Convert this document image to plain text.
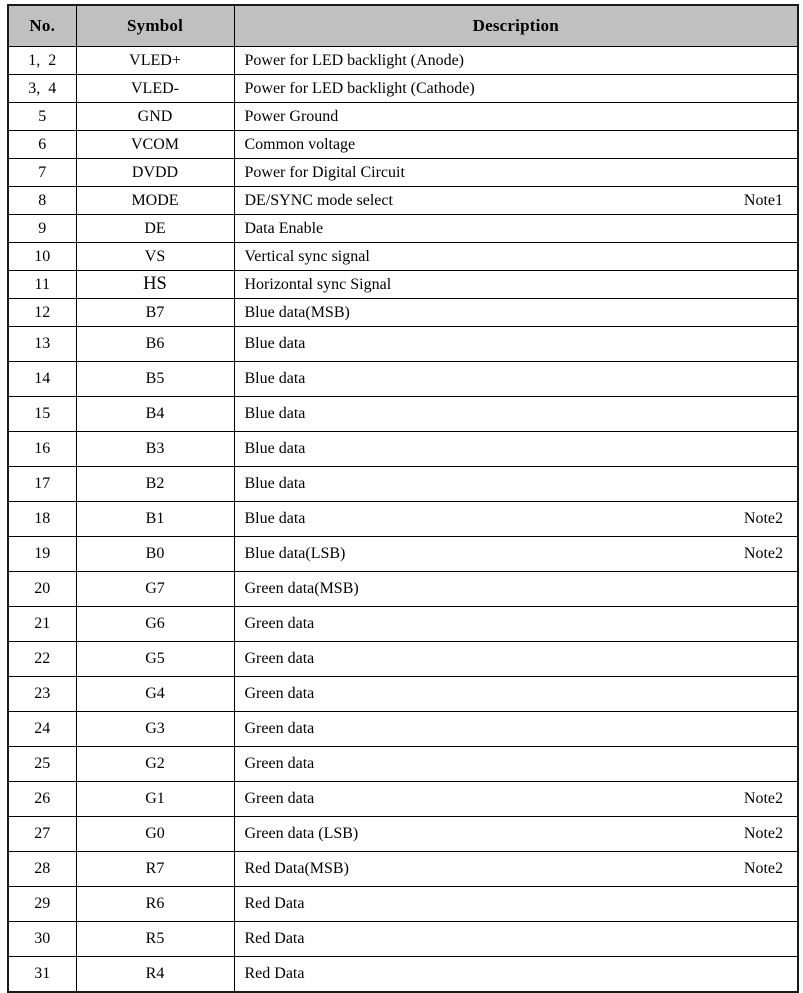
No.	Symbol	Description
1,  2	VLED+	Power for LED backlight (Anode)
3,  4	VLED-	Power for LED backlight (Cathode)
5	GND	Power Ground
6	VCOM	Common voltage
7	DVDD	Power for Digital Circuit
8	MODE	DE/SYNC mode select Note1

9	DE	Data Enable
10	VS	Vertical sync signal
11	HS	Horizontal sync Signal
12	B7	Blue data(MSB)
13	B6	Blue data
14	B5	Blue data
15	B4	Blue data
16	B3	Blue data
17	B2	Blue data
18	B1	Blue data Note2

19	B0	Blue data(LSB) Note2

20	G7	Green data(MSB)
21	G6	Green data
22	G5	Green data
23	G4	Green data
24	G3	Green data
25	G2	Green data
26	G1	Green data Note2

27	G0	Green data (LSB) Note2

28	R7	Red Data(MSB) Note2

29	R6	Red Data
30	R5	Red Data
31	R4	Red Data
